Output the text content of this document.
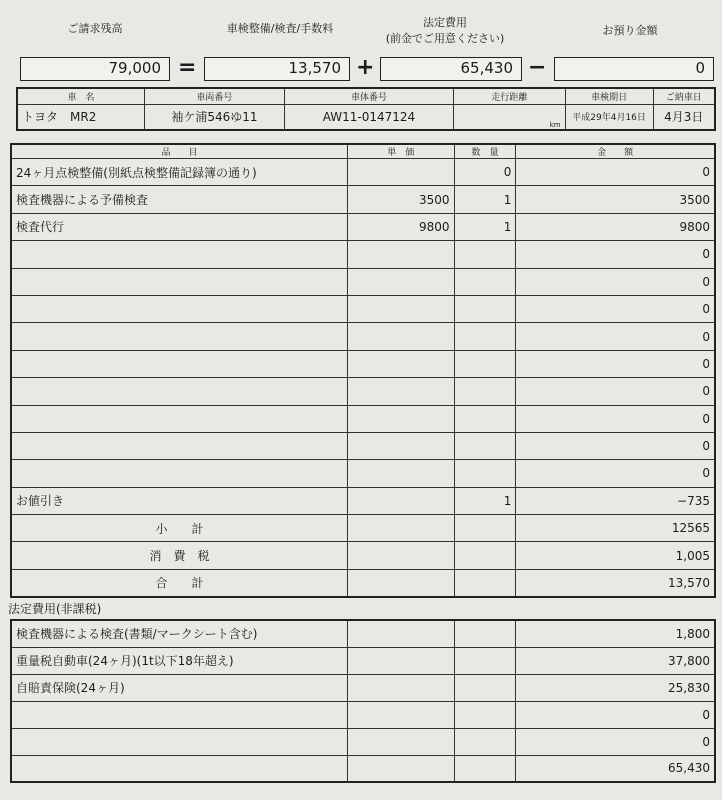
ご請求残高	車検整備/検査/手数料	法定費用
(前金でご用意ください)
お預り金額
79,000 =	13,570 +	65,430 −	0
車　名	車両番号	車体番号	走行距離	車検期日	ご納車日
トヨタ　MR2	袖ケ浦546ゆ11	AW11-0147124	km	平成29年4月16日	4月3日
品　　目	単　価	数　量	金　　額
24ヶ月点検整備(別紙点検整備記録簿の通り)		0	0
検査機器による予備検査	3500	1	3500
検査代行	9800	1	9800
			0
			0
			0
			0
			0
			0
			0
			0
			0
お値引き		1	−735
小　　計			12565
消　費　税			1,005
合　　計			13,570
法定費用(非課税)
検査機器による検査(書類/マークシート含む)			1,800
重量税自動車(24ヶ月)(1t以下18年超え)			37,800
自賠責保険(24ヶ月)			25,830
			0
			0
			65,430
